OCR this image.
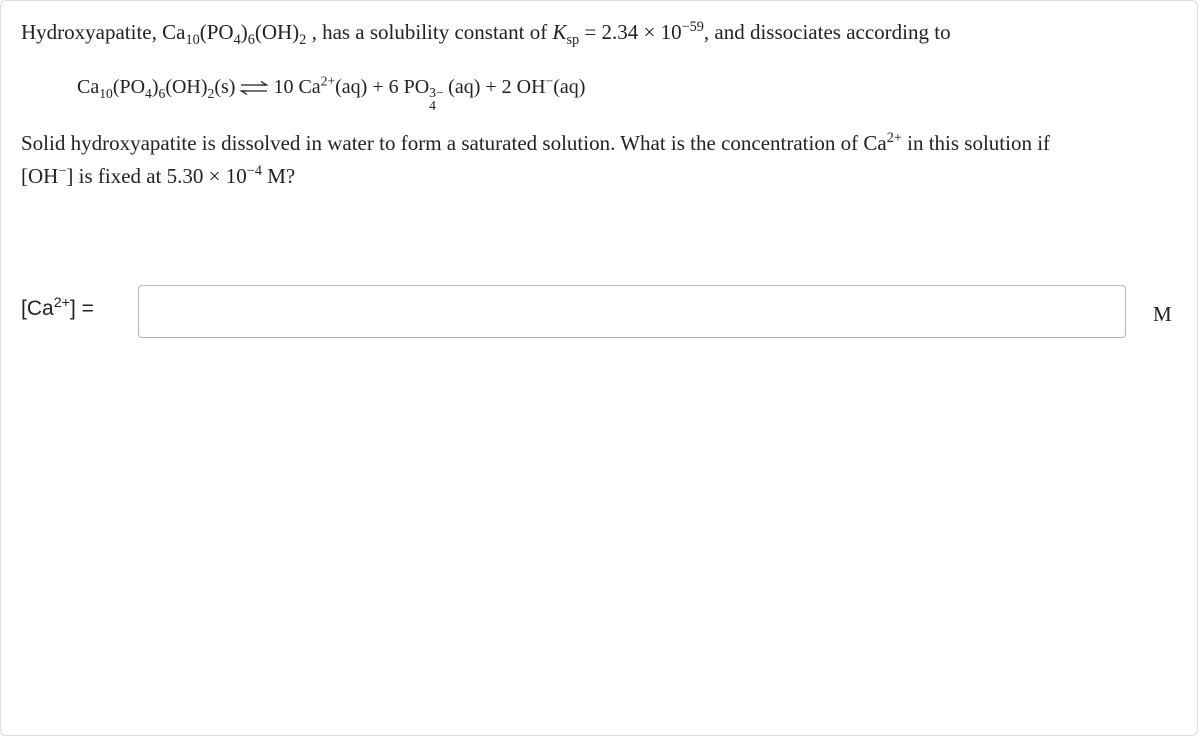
Hydroxyapatite, $Ca_{10}(PO_4)_6(OH)_2$ , has a solubility constant of $K_{sp} = 2.34 \times 10^{-59}$, and dissociates according to
$Ca_{10}(PO_4)_6(OH)_2(s)$ ⇌ 10 $Ca^{2+}(aq) + 6$ PO 3−
4
(aq) + 2 OH−(aq)
Solid hydroxyapatite is dissolved in water to form a saturated solution. What is the concentration of $Ca^{2+}$ in this solution if
[OH−] is fixed at $5.30 \times 10^{-4}$ M?
$[Ca^{2+}]$ =	M
